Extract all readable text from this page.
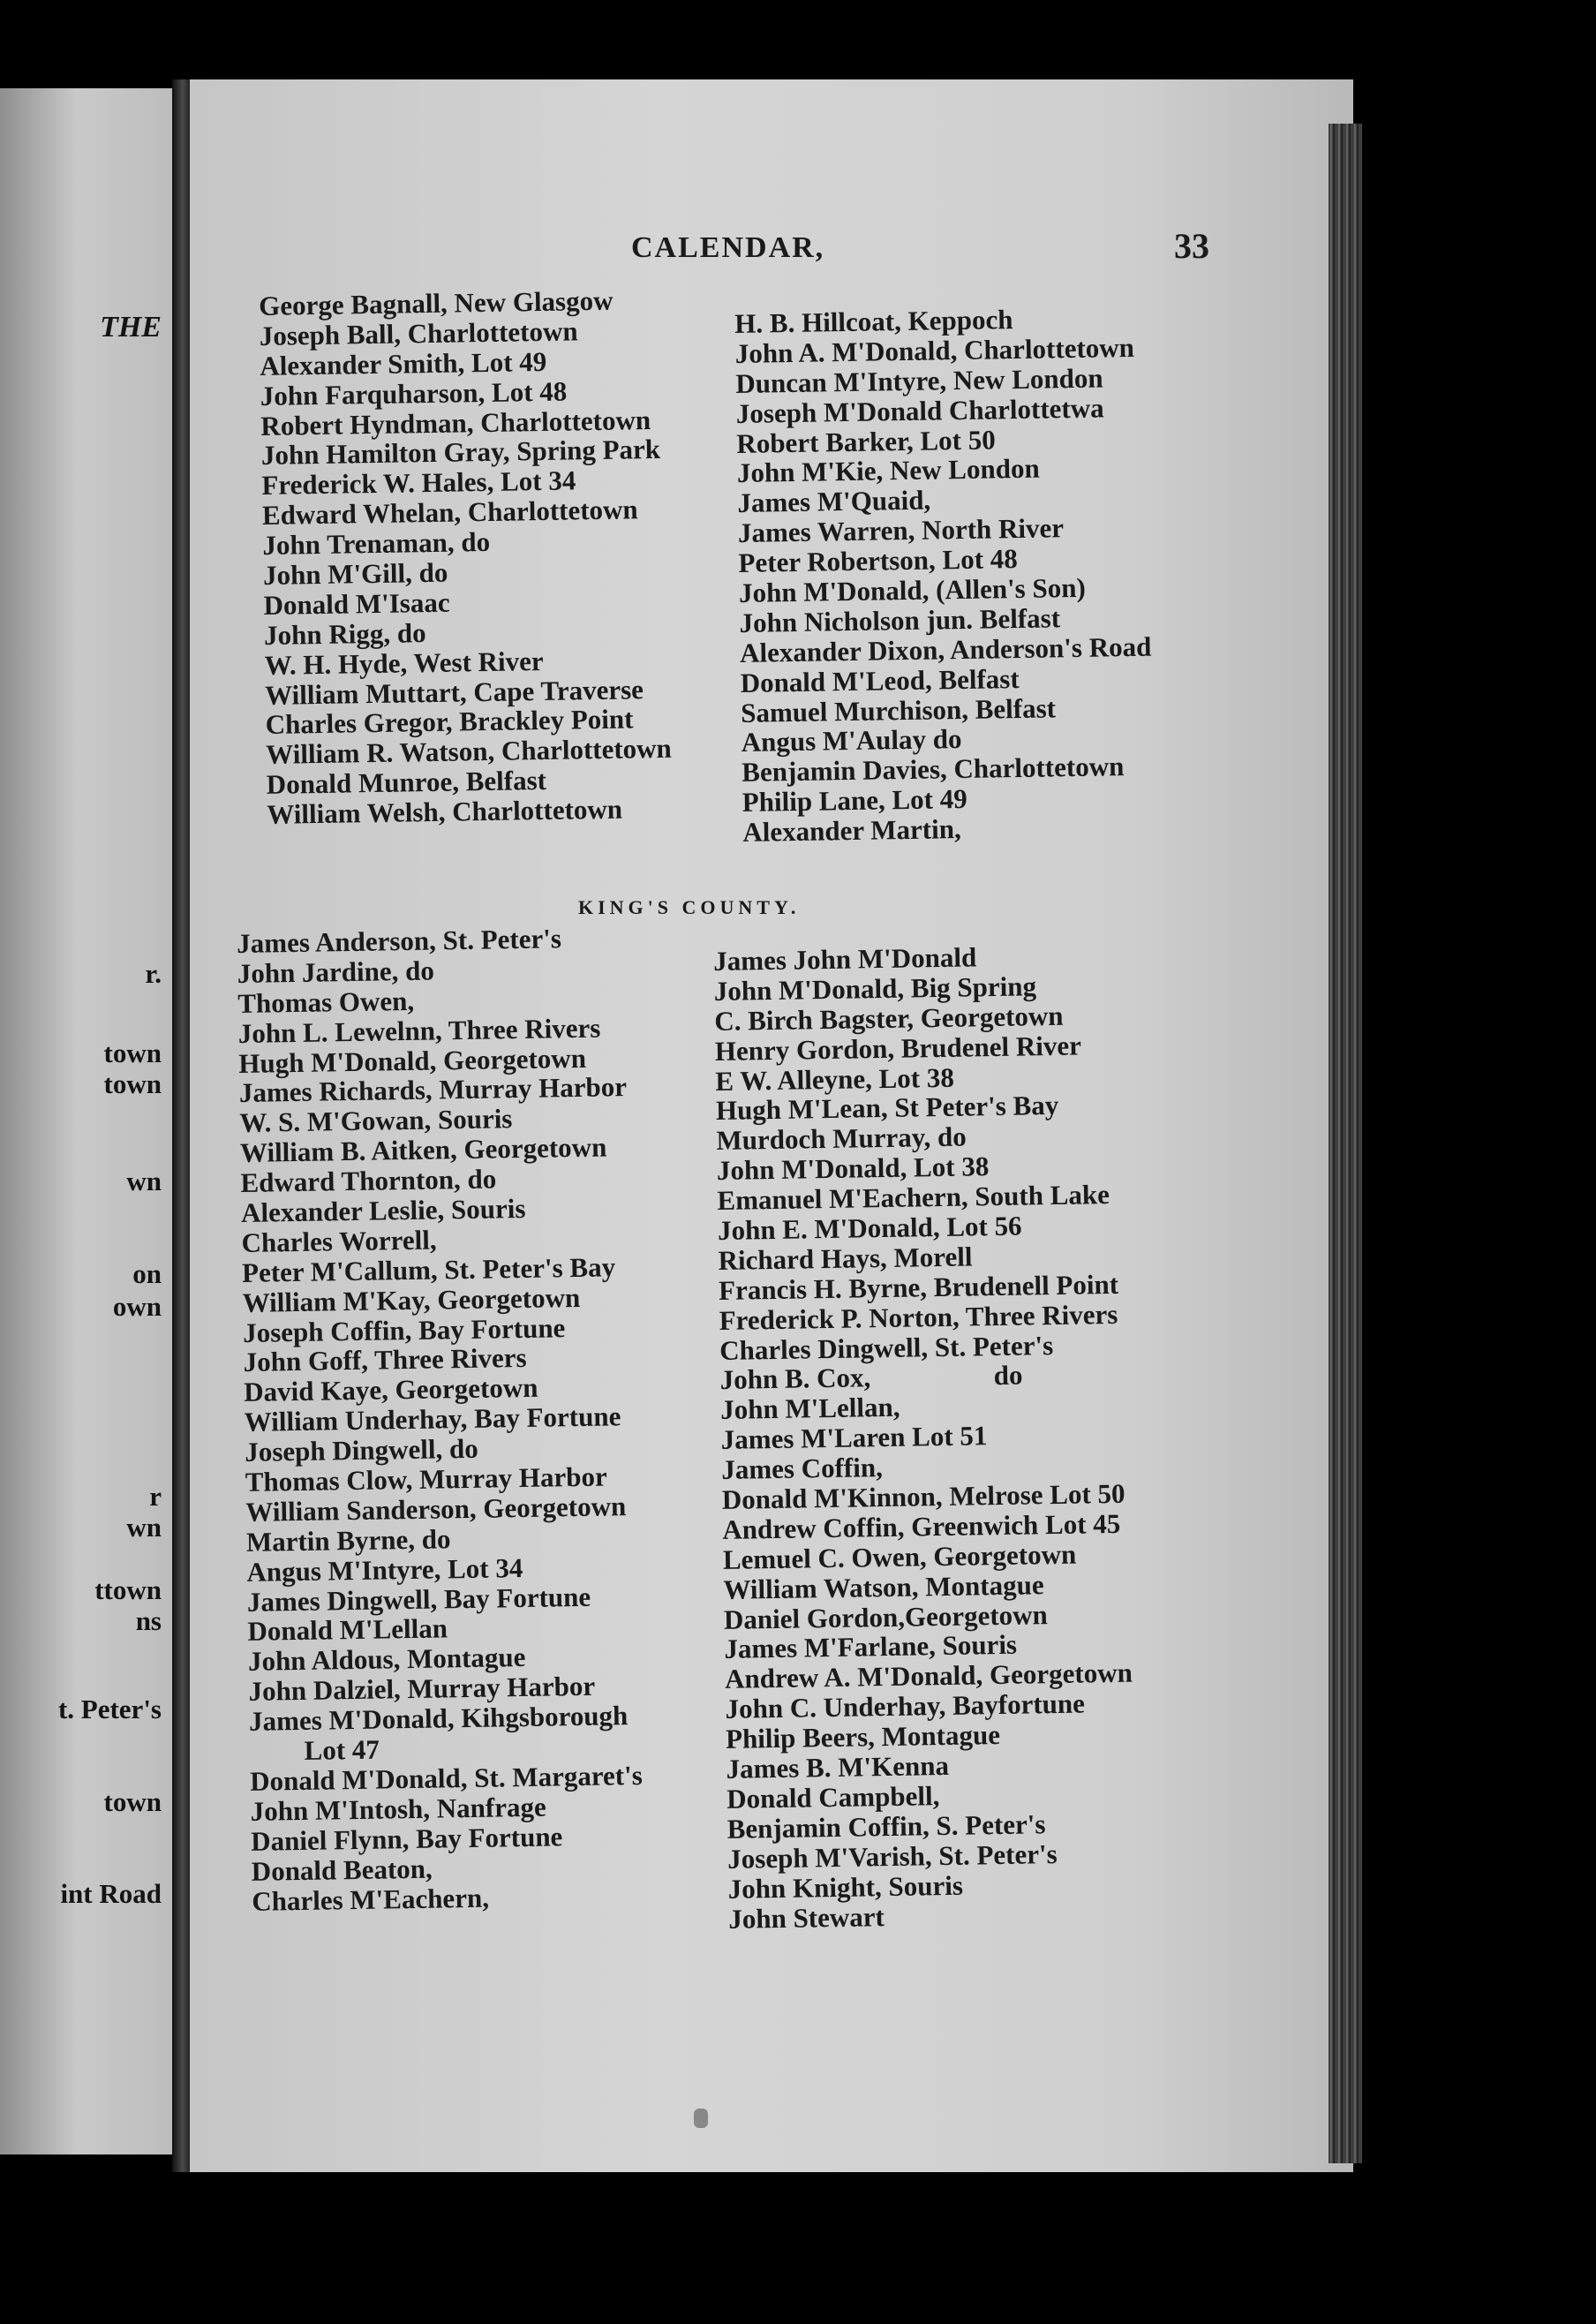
THE
r.
town
town
wn
on
own
r
wn
ttown
ns
t. Peter's
town
int Road
CALENDAR,	33
George Bagnall, New Glasgow
Joseph Ball, Charlottetown
Alexander Smith, Lot 49
John Farquharson, Lot 48
Robert Hyndman, Charlottetown
John Hamilton Gray, Spring Park
Frederick W. Hales, Lot 34
Edward Whelan, Charlottetown
John Trenaman, do
John M'Gill, do
Donald M'Isaac
John Rigg, do
W. H. Hyde, West River
William Muttart, Cape Traverse
Charles Gregor, Brackley Point
William R. Watson, Charlottetown
Donald Munroe, Belfast
William Welsh, Charlottetown
H. B. Hillcoat, Keppoch
John A. M'Donald, Charlottetown
Duncan M'Intyre, New London
Joseph M'Donald Charlottetwa
Robert Barker, Lot 50
John M'Kie, New London
James M'Quaid,
James Warren, North River
Peter Robertson, Lot 48
John M'Donald, (Allen's Son)
John Nicholson jun. Belfast
Alexander Dixon, Anderson's Road
Donald M'Leod, Belfast
Samuel Murchison, Belfast
Angus M'Aulay do
Benjamin Davies, Charlottetown
Philip Lane, Lot 49
Alexander Martin,
KING'S COUNTY.
James Anderson, St. Peter's
John Jardine, do
Thomas Owen,
John L. Lewelnn, Three Rivers
Hugh M'Donald, Georgetown
James Richards, Murray Harbor
W. S. M'Gowan, Souris
William B. Aitken, Georgetown
Edward Thornton, do
Alexander Leslie, Souris
Charles Worrell,
Peter M'Callum, St. Peter's Bay
William M'Kay, Georgetown
Joseph Coffin, Bay Fortune
John Goff, Three Rivers
David Kaye, Georgetown
William Underhay, Bay Fortune
Joseph Dingwell, do
Thomas Clow, Murray Harbor
William Sanderson, Georgetown
Martin Byrne, do
Angus M'Intyre, Lot 34
James Dingwell, Bay Fortune
Donald M'Lellan
John Aldous, Montague
John Dalziel, Murray Harbor
James M'Donald, Kihgsborough
Lot 47
Donald M'Donald, St. Margaret's
John M'Intosh, Nanfrage
Daniel Flynn, Bay Fortune
Donald Beaton,
Charles M'Eachern,
James John M'Donald
John M'Donald, Big Spring
C. Birch Bagster, Georgetown
Henry Gordon, Brudenel River
E W. Alleyne, Lot 38
Hugh M'Lean, St Peter's Bay
Murdoch Murray, do
John M'Donald, Lot 38
Emanuel M'Eachern, South Lake
John E. M'Donald, Lot 56
Richard Hays, Morell
Francis H. Byrne, Brudenell Point
Frederick P. Norton, Three Rivers
Charles Dingwell, St. Peter's
John B. Cox,                  do
John M'Lellan,
James M'Laren Lot 51
James Coffin,
Donald M'Kinnon, Melrose Lot 50
Andrew Coffin, Greenwich Lot 45
Lemuel C. Owen, Georgetown
William Watson, Montague
Daniel Gordon,Georgetown
James M'Farlane, Souris
Andrew A. M'Donald, Georgetown
John C. Underhay, Bayfortune
Philip Beers, Montague
James B. M'Kenna
Donald Campbell,
Benjamin Coffin, S. Peter's
Joseph M'Varish, St. Peter's
John Knight, Souris
John Stewart
